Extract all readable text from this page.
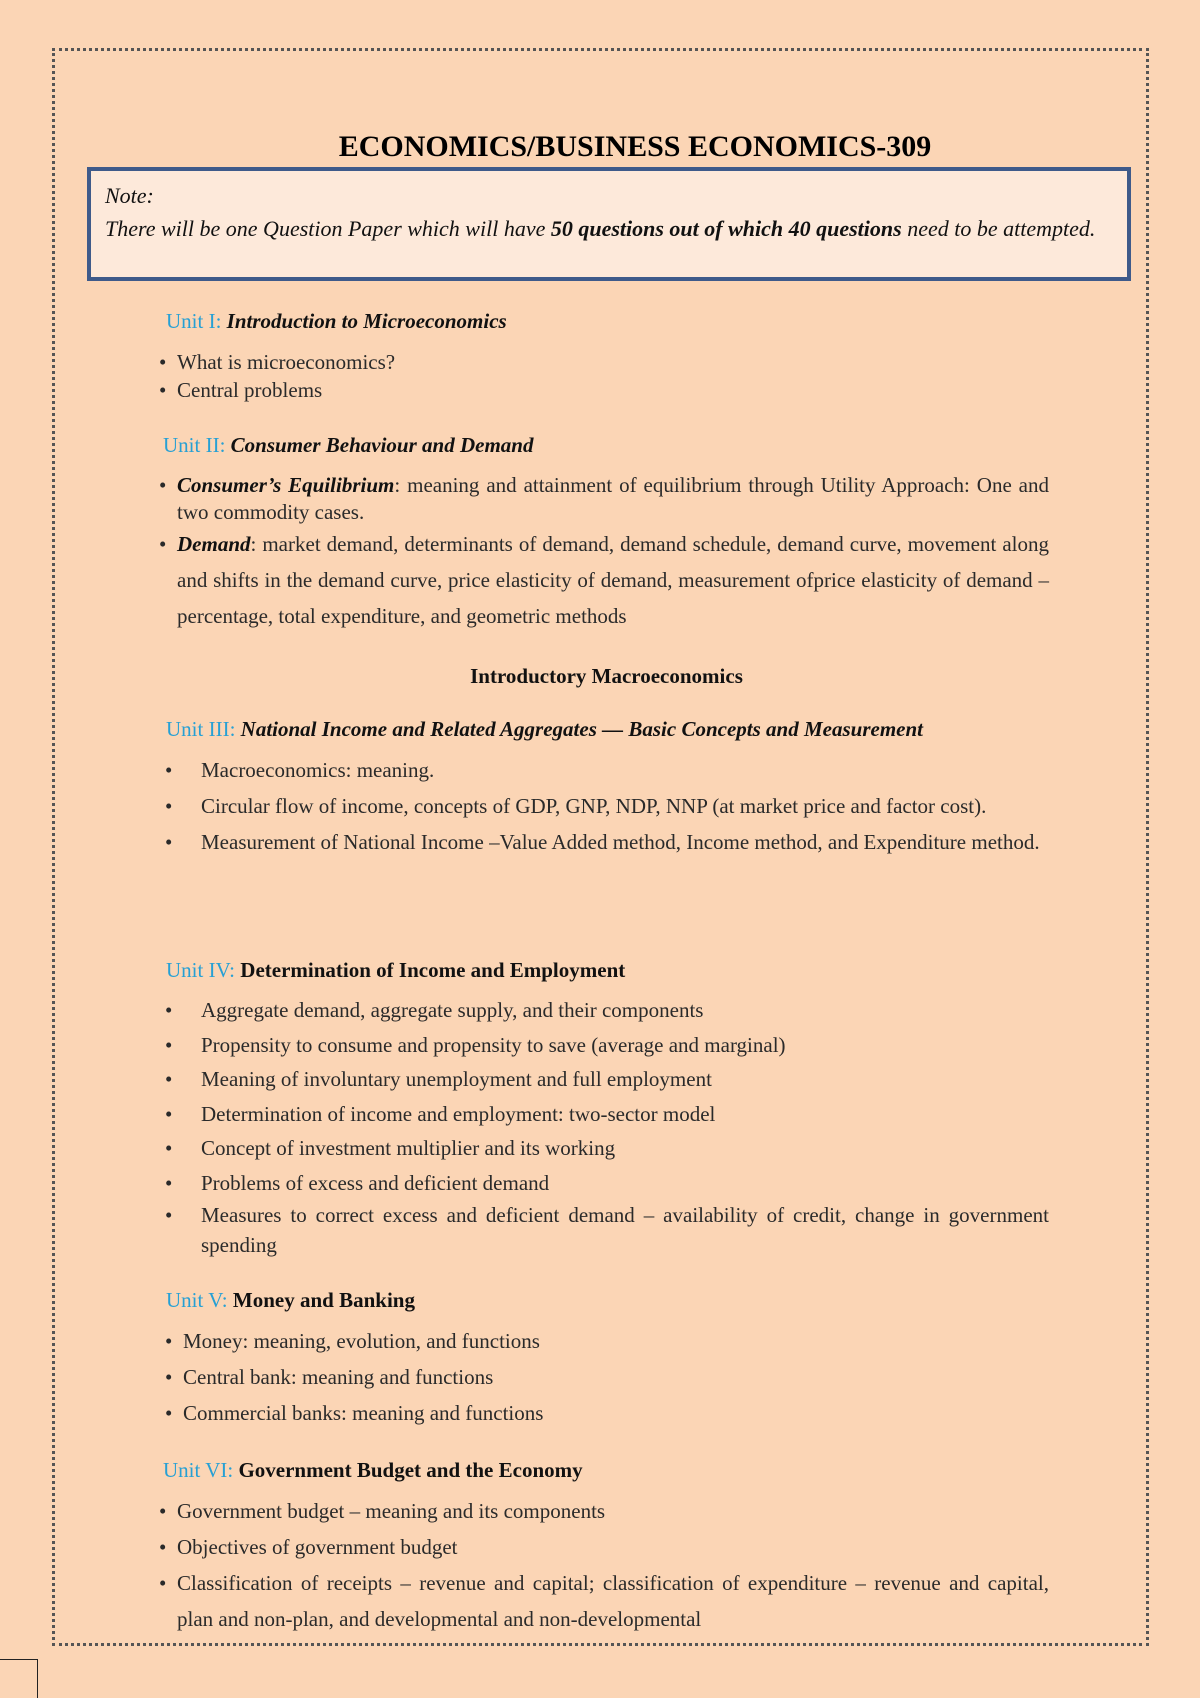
ECONOMICS/BUSINESS ECONOMICS-309
Note:
There will be one Question Paper which will have 50 questions out of which 40 questions need to be attempted.
Unit I: Introduction to Microeconomics
• What is microeconomics?
• Central problems
Unit II: Consumer Behaviour and Demand
• Consumer’s Equilibrium: meaning and attainment of equilibrium through Utility Approach: One and two commodity cases.
• Demand: market demand, determinants of demand, demand schedule, demand curve, movement along and shifts in the demand curve, price elasticity of demand, measurement ofprice elasticity of demand – percentage, total expenditure, and geometric methods
Introductory Macroeconomics
Unit III: National Income and Related Aggregates — Basic Concepts and Measurement
• Macroeconomics: meaning.
• Circular flow of income, concepts of GDP, GNP, NDP, NNP (at market price and factor cost).
• Measurement of National Income –Value Added method, Income method, and Expenditure method.
Unit IV: Determination of Income and Employment
• Aggregate demand, aggregate supply, and their components
• Propensity to consume and propensity to save (average and marginal)
• Meaning of involuntary unemployment and full employment
• Determination of income and employment: two-sector model
• Concept of investment multiplier and its working
• Problems of excess and deficient demand
• Measures to correct excess and deficient demand – availability of credit, change in government spending
Unit V: Money and Banking
• Money: meaning, evolution, and functions
• Central bank: meaning and functions
• Commercial banks: meaning and functions
Unit VI: Government Budget and the Economy
• Government budget – meaning and its components
• Objectives of government budget
• Classification of receipts – revenue and capital; classification of expenditure – revenue and capital, plan and non-plan, and developmental and non-developmental
